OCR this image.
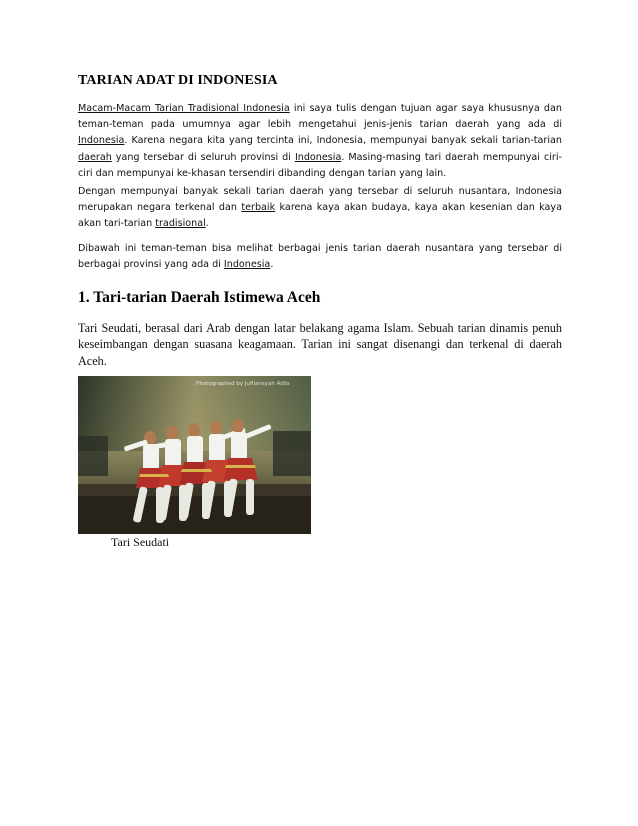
TARIAN ADAT DI INDONESIA
Macam-Macam Tarian Tradisional Indonesia ini saya tulis dengan tujuan agar saya khususnya dan teman-teman pada umumnya agar lebih mengetahui jenis-jenis tarian daerah yang ada di Indonesia. Karena negara kita yang tercinta ini, Indonesia, mempunyai banyak sekali tarian-tarian daerah yang tersebar di seluruh provinsi di Indonesia. Masing-masing tari daerah mempunyai ciri-ciri dan mempunyai ke-khasan tersendiri dibanding dengan tarian yang lain.
Dengan mempunyai banyak sekali tarian daerah yang tersebar di seluruh nusantara, Indonesia merupakan negara terkenal dan terbaik karena kaya akan budaya, kaya akan kesenian dan kaya akan tari-tarian tradisional.
Dibawah ini teman-teman bisa melihat berbagai jenis tarian daerah nusantara yang tersebar di berbagai provinsi yang ada di Indonesia.
1. Tari-tarian Daerah Istimewa Aceh
Tari Seudati, berasal dari Arab dengan latar belakang agama Islam. Sebuah tarian dinamis penuh keseimbangan dengan suasana keagamaan. Tarian ini sangat disenangi dan terkenal di daerah Aceh.
Photographed by Jufliansyah Adlis
Tari Seudati
